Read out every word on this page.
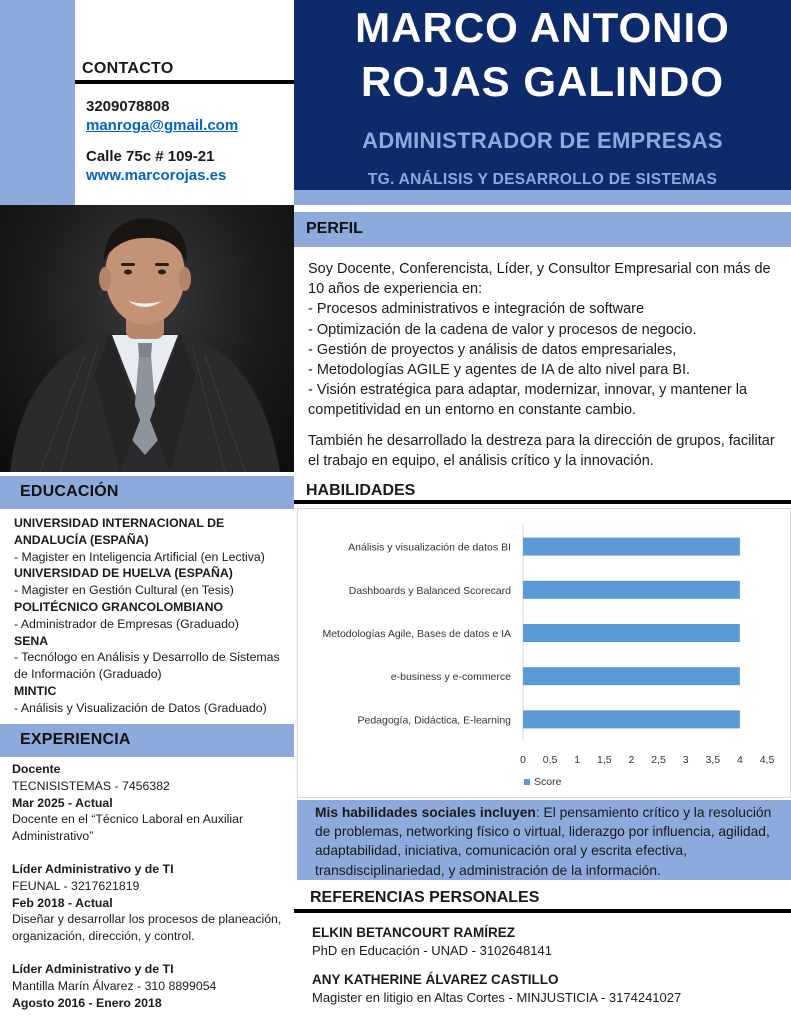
CONTACTO
3209078808
manroga@gmail.com
Calle 75c # 109-21
www.marcorojas.es
EDUCACIÓN
UNIVERSIDAD INTERNACIONAL DE ANDALUCÍA (ESPAÑA)
- Magister en Inteligencia Artificial (en Lectiva)
UNIVERSIDAD DE HUELVA (ESPAÑA)
- Magister en Gestión Cultural (en Tesis)
POLITÉCNICO GRANCOLOMBIANO
- Administrador de Empresas (Graduado)
SENA
- Tecnólogo en Análisis y Desarrollo de Sistemas de Información (Graduado)
MINTIC
- Análisis y Visualización de Datos (Graduado)
EXPERIENCIA
Docente
TECNISISTEMAS - 7456382
Mar 2025 - Actual
Docente en el “Técnico Laboral en Auxiliar Administrativo”
Líder Administrativo y de TI
FEUNAL - 3217621819
Feb 2018 - Actual
Diseñar y desarrollar los procesos de planeación, organización, dirección, y control.
Líder Administrativo y de TI
Mantilla Marín Álvarez - 310 8899054
Agosto 2016 - Enero 2018
MARCO ANTONIO
ROJAS GALINDO
ADMINISTRADOR DE EMPRESAS
TG. ANÁLISIS Y DESARROLLO DE SISTEMAS
PERFIL
Soy Docente, Conferencista, Líder, y Consultor Empresarial con más de 10 años de experiencia en:
- Procesos administrativos e integración de software
- Optimización de la cadena de valor y procesos de negocio.
- Gestión de proyectos y análisis de datos empresariales,
- Metodologías AGILE y agentes de IA de alto nivel para BI.
- Visión estratégica para adaptar, modernizar, innovar, y mantener la competitividad en un entorno en constante cambio.
También he desarrollado la destreza para la dirección de grupos, facilitar el trabajo en equipo, el análisis crítico y la innovación.
HABILIDADES
Análisis y visualización de datos BI
Dashboards y Balanced Scorecard
Metodologías Agile, Bases de datos e IA
e-business y e-commerce
Pedagogía, Didáctica, E-learning
0 0,5 1 1,5 2 2,5 3 3,5 4 4,5
Score
Mis habilidades sociales incluyen: El pensamiento crítico y la resolución de problemas, networking físico o virtual, liderazgo por influencia, agilidad, adaptabilidad, iniciativa, comunicación oral y escrita efectiva, transdisciplinariedad, y administración de la información.
REFERENCIAS PERSONALES
ELKIN BETANCOURT RAMÍREZ
PhD en Educación - UNAD - 3102648141
ANY KATHERINE ÁLVAREZ CASTILLO
Magister en litigio en Altas Cortes - MINJUSTICIA - 3174241027
